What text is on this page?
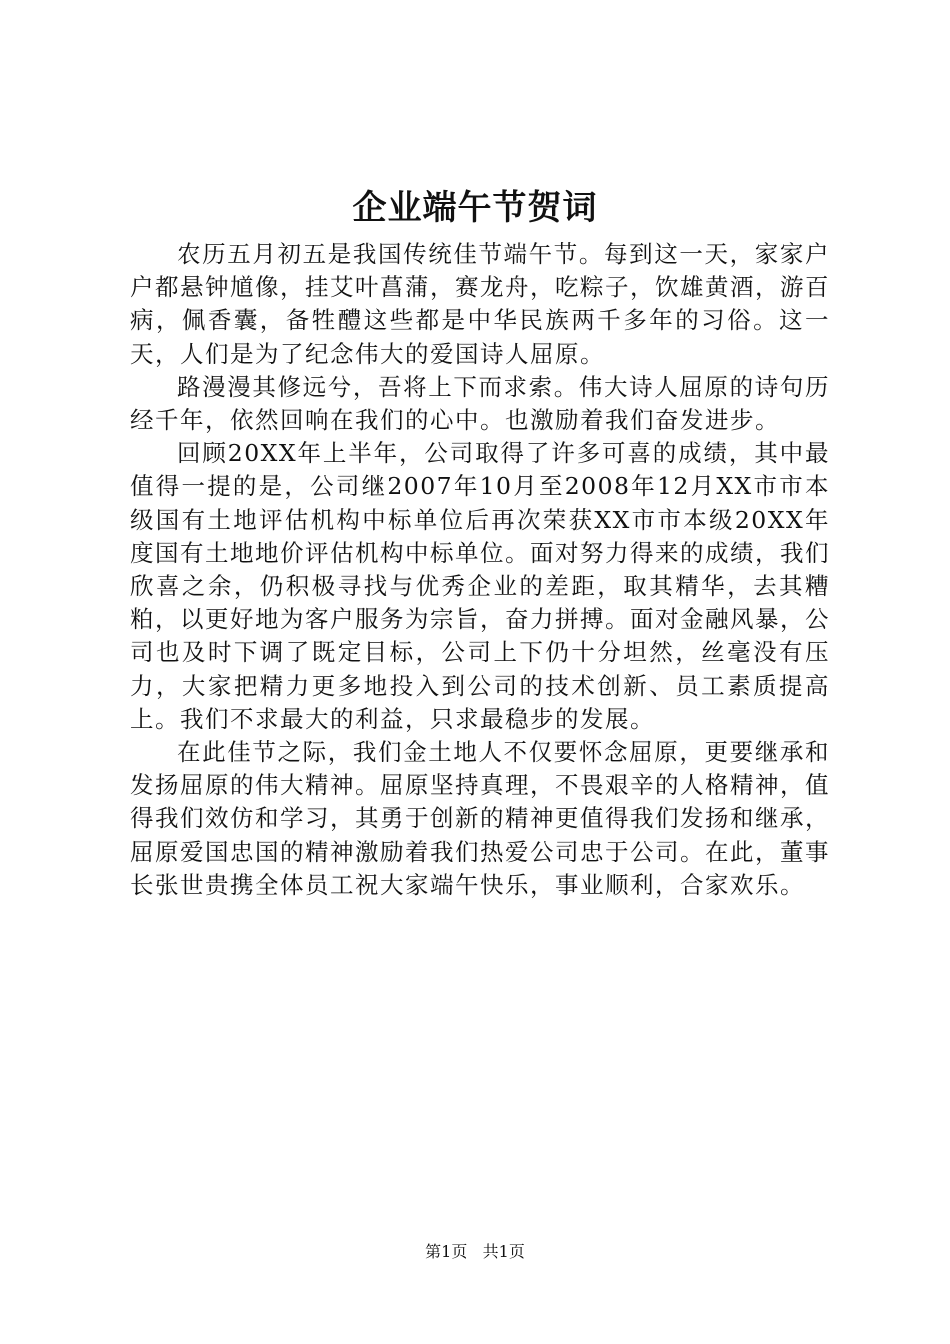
企业端午节贺词

农历五月初五是我国传统佳节端午节。每到这一天，家家户户都悬钟馗像，挂艾叶菖蒲，赛龙舟，吃粽子，饮雄黄酒，游百病，佩香囊，备牲醴这些都是中华民族两千多年的习俗。这一天，人们是为了纪念伟大的爱国诗人屈原。

路漫漫其修远兮，吾将上下而求索。伟大诗人屈原的诗句历经千年，依然回响在我们的心中。也激励着我们奋发进步。

回顾20XX年上半年，公司取得了许多可喜的成绩，其中最值得一提的是，公司继2007年10月至2008年12月XX市市本级国有土地评估机构中标单位后再次荣获XX市市本级20XX年度国有土地地价评估机构中标单位。面对努力得来的成绩，我们欣喜之余，仍积极寻找与优秀企业的差距，取其精华，去其糟粕，以更好地为客户服务为宗旨，奋力拼搏。面对金融风暴，公司也及时下调了既定目标，公司上下仍十分坦然，丝毫没有压力，大家把精力更多地投入到公司的技术创新、员工素质提高上。我们不求最大的利益，只求最稳步的发展。

在此佳节之际，我们金土地人不仅要怀念屈原，更要继承和发扬屈原的伟大精神。屈原坚持真理，不畏艰辛的人格精神，值得我们效仿和学习，其勇于创新的精神更值得我们发扬和继承，屈原爱国忠国的精神激励着我们热爱公司忠于公司。在此，董事长张世贵携全体员工祝大家端午快乐，事业顺利，合家欢乐。

第1页 共1页
